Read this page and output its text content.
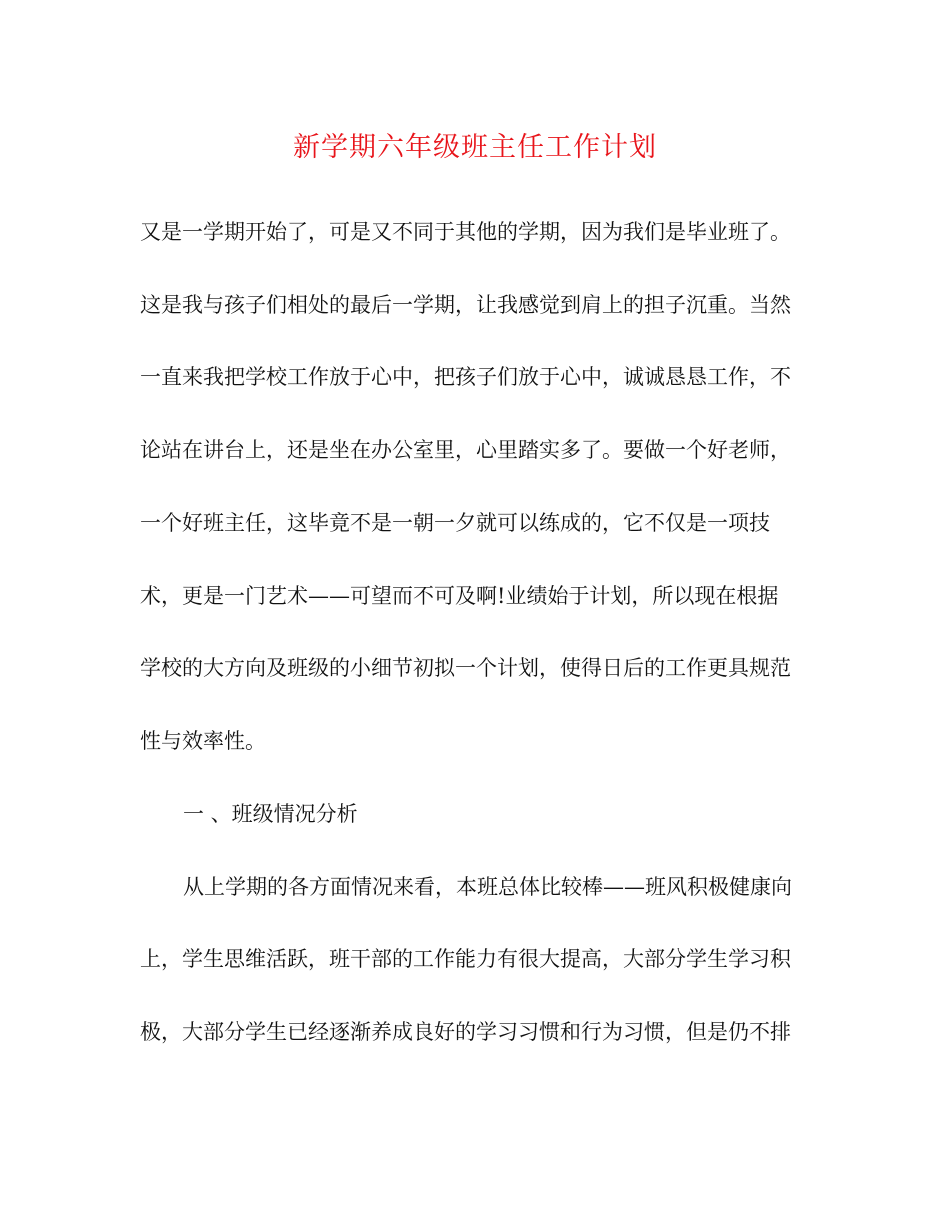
新学期六年级班主任工作计划
又是一学期开始了，可是又不同于其他的学期，因为我们是毕业班了。
这是我与孩子们相处的最后一学期，让我感觉到肩上的担子沉重。当然
一直来我把学校工作放于心中，把孩子们放于心中，诚诚恳恳工作，不
论站在讲台上，还是坐在办公室里，心里踏实多了。要做一个好老师，
一个好班主任，这毕竟不是一朝一夕就可以练成的，它不仅是一项技
术，更是一门艺术——可望而不可及啊!业绩始于计划，所以现在根据
学校的大方向及班级的小细节初拟一个计划，使得日后的工作更具规范
性与效率性。
一 、班级情况分析
从上学期的各方面情况来看，本班总体比较棒——班风积极健康向
上，学生思维活跃，班干部的工作能力有很大提高，大部分学生学习积
极，大部分学生已经逐渐养成良好的学习习惯和行为习惯，但是仍不排
